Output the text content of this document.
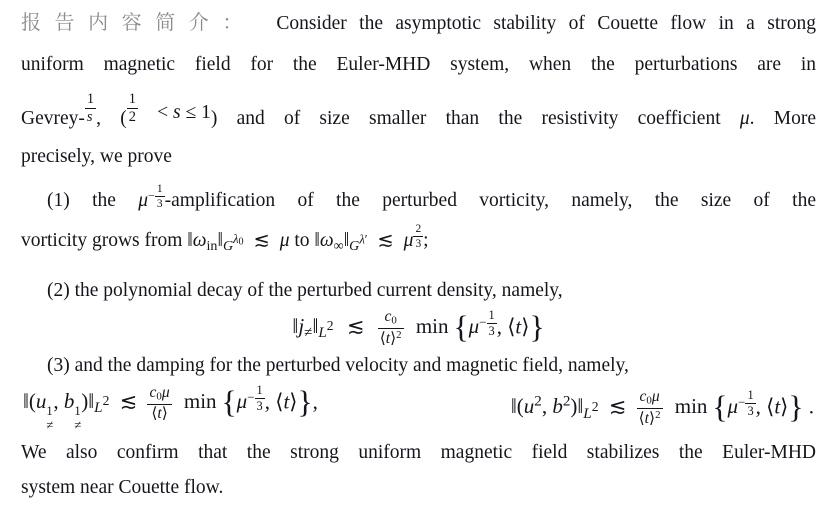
报告内容简介： Consider the asymptotic stability of Couette flow in a strong
uniform magnetic field for the Euler-MHD system, when the perturbations are in
Gevrey- $\frac{1}{s}$ , ( $\frac{1}{2} < s \le 1$) and of size smaller than the resistivity coefficient μ. More
precisely, we prove
(1) the $\mu- \frac{1}{3}$ -amplification of the perturbed vorticity, namely, the size of the
vorticity grows from $‖\omega_{in}‖_{G\lambda 0}$ ≲ μ to $‖\omega_\infty‖_{G\lambda'}$ ≲ μ $\frac{2}{3}$ ;
(2) the polynomial decay of the perturbed current density, namely,
$‖j_\ne‖_{L2}$ ≲ $\frac{c0}{⟨t⟩^2}$ $\min \{\mu- \frac{1}{3}$ , ⟨t⟩}
(3) and the damping for the perturbed velocity and magnetic field, namely,
‖(u 1
≠
, b 1
≠
)$‖_{L2}$ ≲ $\frac{c0\mu}{⟨t⟩}$ $\min \{\mu- \frac{1}{3}$ , ⟨t⟩},	$‖(u^2$, $b^2)‖_{L2}$ ≲ $\frac{c0\mu}{⟨t⟩^2}$ $\min \{\mu- \frac{1}{3}$ , ⟨t⟩} .
We also confirm that the strong uniform magnetic field stabilizes the Euler-MHD
system near Couette flow.
